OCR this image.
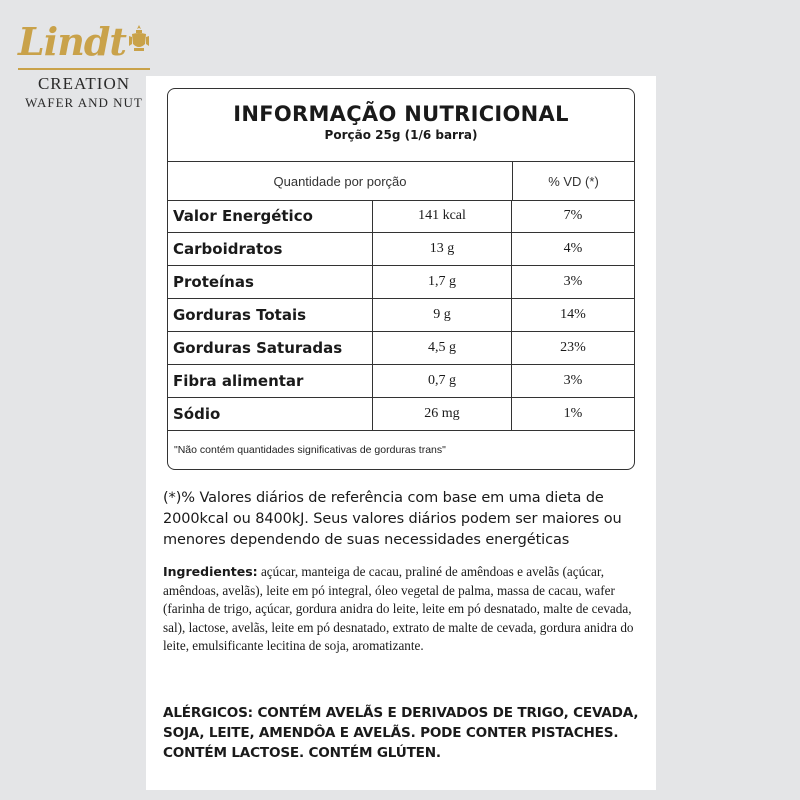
Lindt
CREATION
WAFER AND NUT	INFORMAÇÃO NUTRICIONAL
Porção 25g (1/6 barra)
Quantidade por porção	% VD (*)
Valor Energético	141 kcal	7%
Carboidratos	13 g	4%
Proteínas	1,7 g	3%
Gorduras Totais	9 g	14%
Gorduras Saturadas	4,5 g	23%
Fibra alimentar	0,7 g	3%
Sódio	26 mg	1%
"Não contém quantidades significativas de gorduras trans"
(*)% Valores diários de referência com base em uma dieta de 2000kcal ou 8400kJ. Seus valores diários podem ser maiores ou menores dependendo de suas necessidades energéticas
Ingredientes: açúcar, manteiga de cacau, praliné de amêndoas e avelãs (açúcar, amêndoas, avelãs), leite em pó integral, óleo vegetal de palma, massa de cacau, wafer (farinha de trigo, açúcar, gordura anidra do leite, leite em pó desnatado, malte de cevada, sal), lactose, avelãs, leite em pó desnatado, extrato de malte de cevada, gordura anidra do leite, emulsificante lecitina de soja, aromatizante.
ALÉRGICOS: CONTÉM AVELÃS E DERIVADOS DE TRIGO, CEVADA, SOJA, LEITE, AMENDÔA E AVELÃS. PODE CONTER PISTACHES. CONTÉM LACTOSE. CONTÉM GLÚTEN.
